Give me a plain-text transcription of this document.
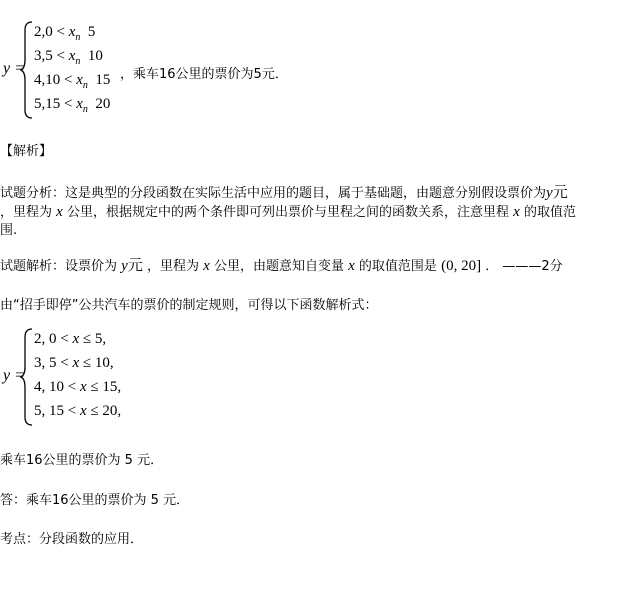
y =
$2,0 < x_n$ 5
$3,5 < x_n$ 10
$4,10 < x_n$ 15
$5,15 < x_n$ 20
，乘车16公里的票价为5元．
【解析】
试题分析：这是典型的分段函数在实际生活中应用的题目，属于基础题，由题意分别假设票价为y元
，里程为 x 公里，根据规定中的两个条件即可列出票价与里程之间的函数关系，注意里程 x 的取值范
围.
试题解析：设票价为 y元 ，里程为 x 公里，由题意知自变量 x 的取值范围是 (0, 20] ． ———2分
由“招手即停”公共汽车的票价的制定规则，可得以下函数解析式：
y =
2, 0 < x ≤ 5,
3, 5 < x ≤ 10,
4, 10 < x ≤ 15,
5, 15 < x ≤ 20,
乘车16公里的票价为 5 元．
答：乘车16公里的票价为 5 元．
考点：分段函数的应用．
